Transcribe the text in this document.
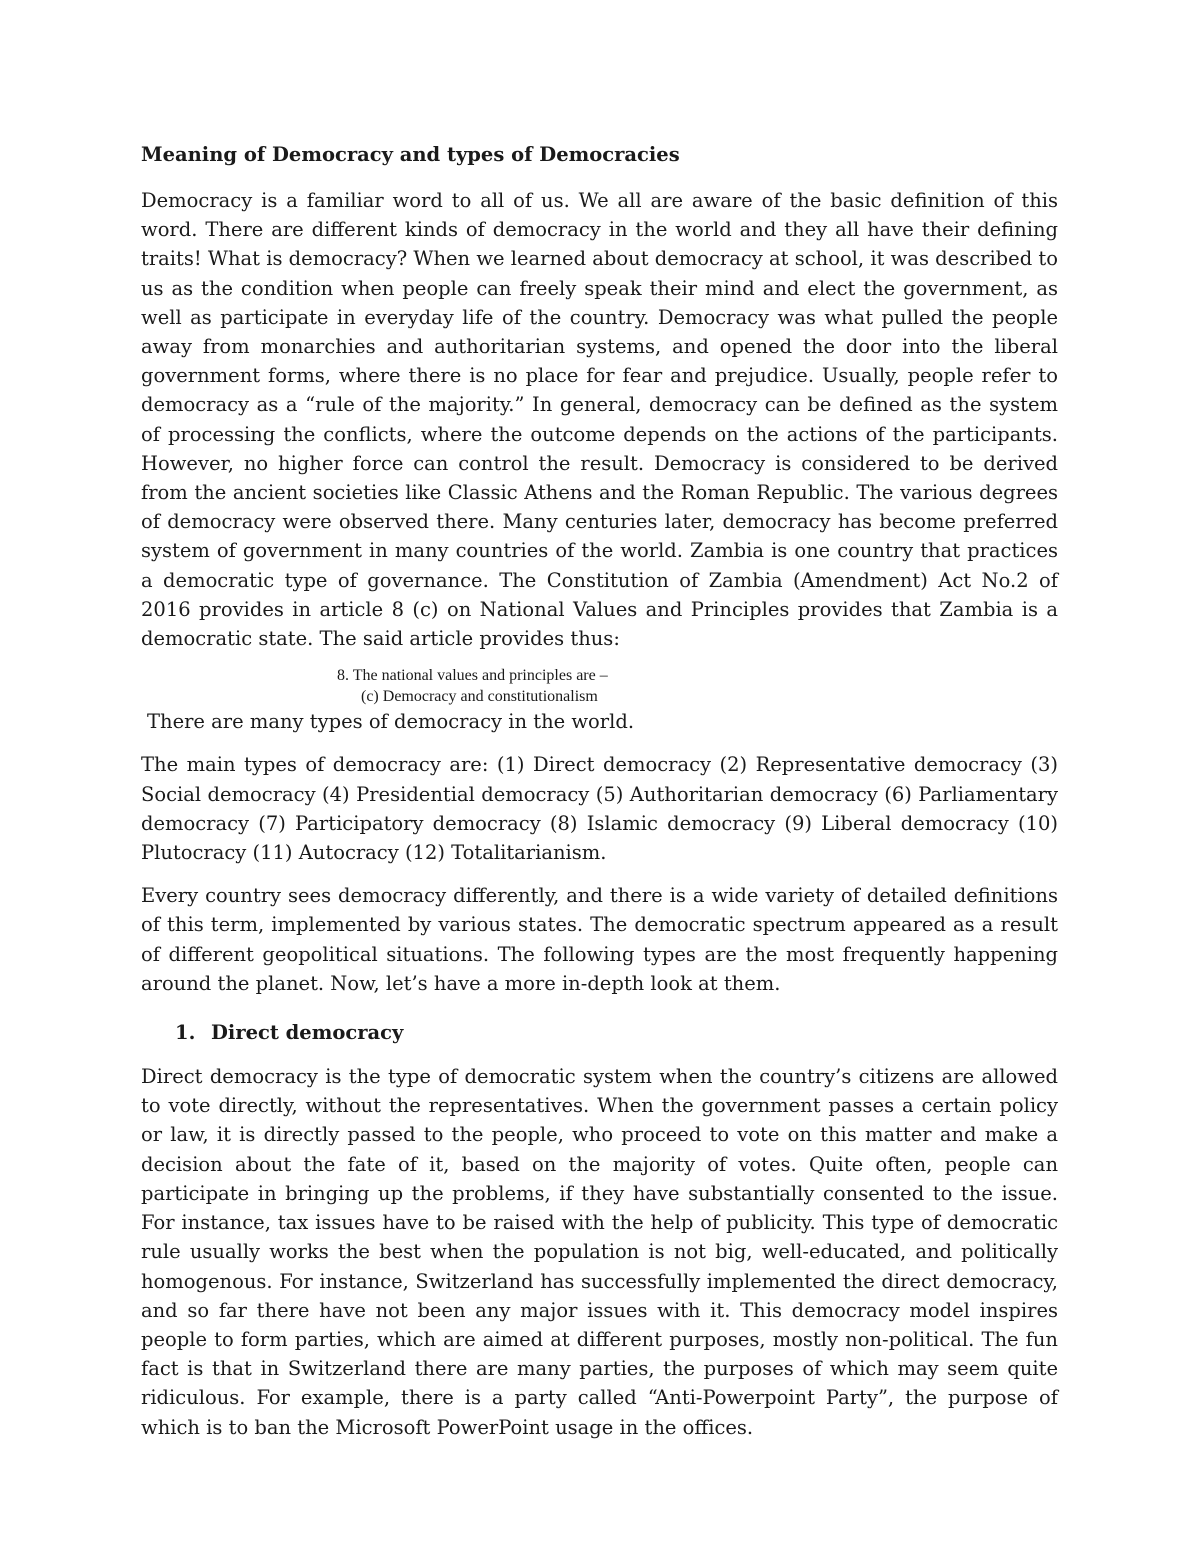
Meaning of Democracy and types of Democracies

Democracy is a familiar word to all of us. We all are aware of the basic definition of this word. There are different kinds of democracy in the world and they all have their defining traits! What is democracy? When we learned about democracy at school, it was described to us as the condition when people can freely speak their mind and elect the government, as well as participate in everyday life of the country. Democracy was what pulled the people away from monarchies and authoritarian systems, and opened the door into the liberal government forms, where there is no place for fear and prejudice. Usually, people refer to democracy as a “rule of the majority.” In general, democracy can be defined as the system of processing the conflicts, where the outcome depends on the actions of the participants. However, no higher force can control the result. Democracy is considered to be derived from the ancient societies like Classic Athens and the Roman Republic. The various degrees of democracy were observed there. Many centuries later, democracy has become preferred system of government in many countries of the world. Zambia is one country that practices a democratic type of governance. The Constitution of Zambia (Amendment) Act No.2 of 2016 provides in article 8 (c) on National Values and Principles provides that Zambia is a democratic state. The said article provides thus:

8. The national values and principles are –
(c) Democracy and constitutionalism

There are many types of democracy in the world.

The main types of democracy are: (1) Direct democracy (2) Representative democracy (3) Social democracy (4) Presidential democracy (5) Authoritarian democracy (6) Parliamentary democracy (7) Participatory democracy (8) Islamic democracy (9) Liberal democracy (10) Plutocracy (11) Autocracy (12) Totalitarianism.

Every country sees democracy differently, and there is a wide variety of detailed definitions of this term, implemented by various states. The democratic spectrum appeared as a result of different geopolitical situations. The following types are the most frequently happening around the planet. Now, let’s have a more in-depth look at them.

1. Direct democracy

Direct democracy is the type of democratic system when the country’s citizens are allowed to vote directly, without the representatives. When the government passes a certain policy or law, it is directly passed to the people, who proceed to vote on this matter and make a decision about the fate of it, based on the majority of votes. Quite often, people can participate in bringing up the problems, if they have substantially consented to the issue. For instance, tax issues have to be raised with the help of publicity. This type of democratic rule usually works the best when the population is not big, well-educated, and politically homogenous. For instance, Switzerland has successfully implemented the direct democracy, and so far there have not been any major issues with it. This democracy model inspires people to form parties, which are aimed at different purposes, mostly non-political. The fun fact is that in Switzerland there are many parties, the purposes of which may seem quite ridiculous. For example, there is a party called “Anti-Powerpoint Party”, the purpose of which is to ban the Microsoft PowerPoint usage in the offices.
